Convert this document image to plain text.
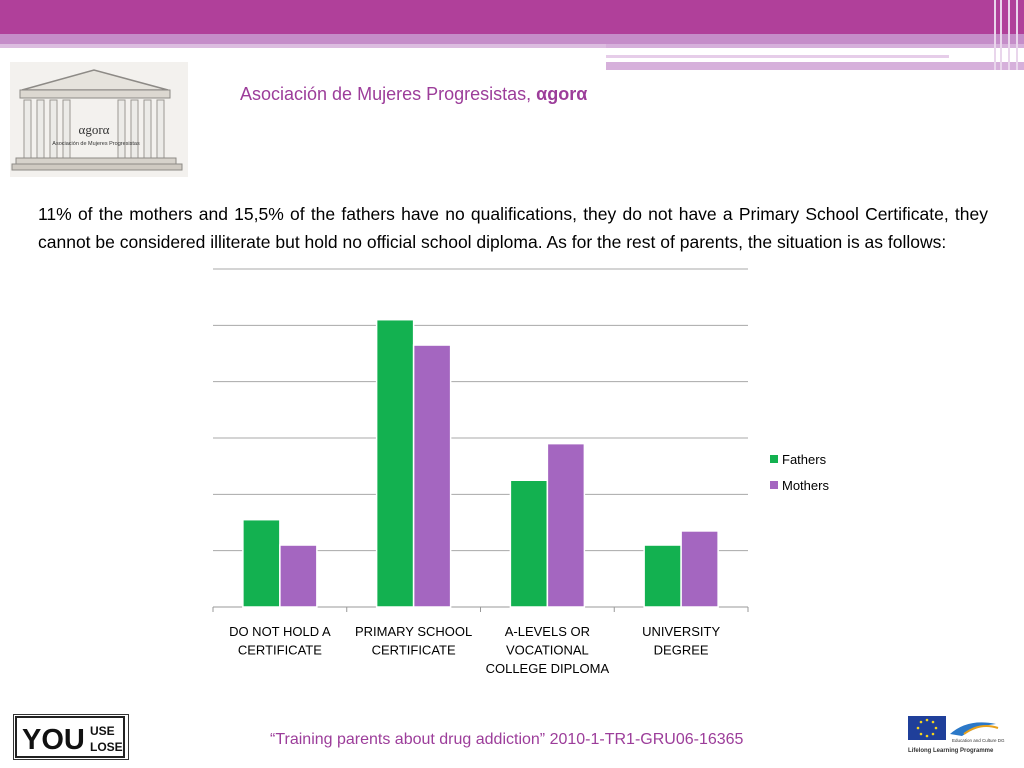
αgorα
Asociación de Mujeres Progresistas
Asociación de Mujeres Progresistas, αgorα
11% of the mothers and 15,5% of the fathers have no qualifications, they do not have a Primary School Certificate, they cannot be considered illiterate but hold no official school diploma. As for the rest of parents, the situation is as follows:
DO NOT HOLD A
CERTIFICATE
PRIMARY SCHOOL
CERTIFICATE
A-LEVELS OR
VOCATIONAL
COLLEGE DIPLOMA
UNIVERSITY
DEGREE
Fathers
Mothers
YOU USE
LOSE	“Training parents about drug addiction” 2010-1-TR1-GRU06-16365	Education and Culture DG
Lifelong Learning Programme
